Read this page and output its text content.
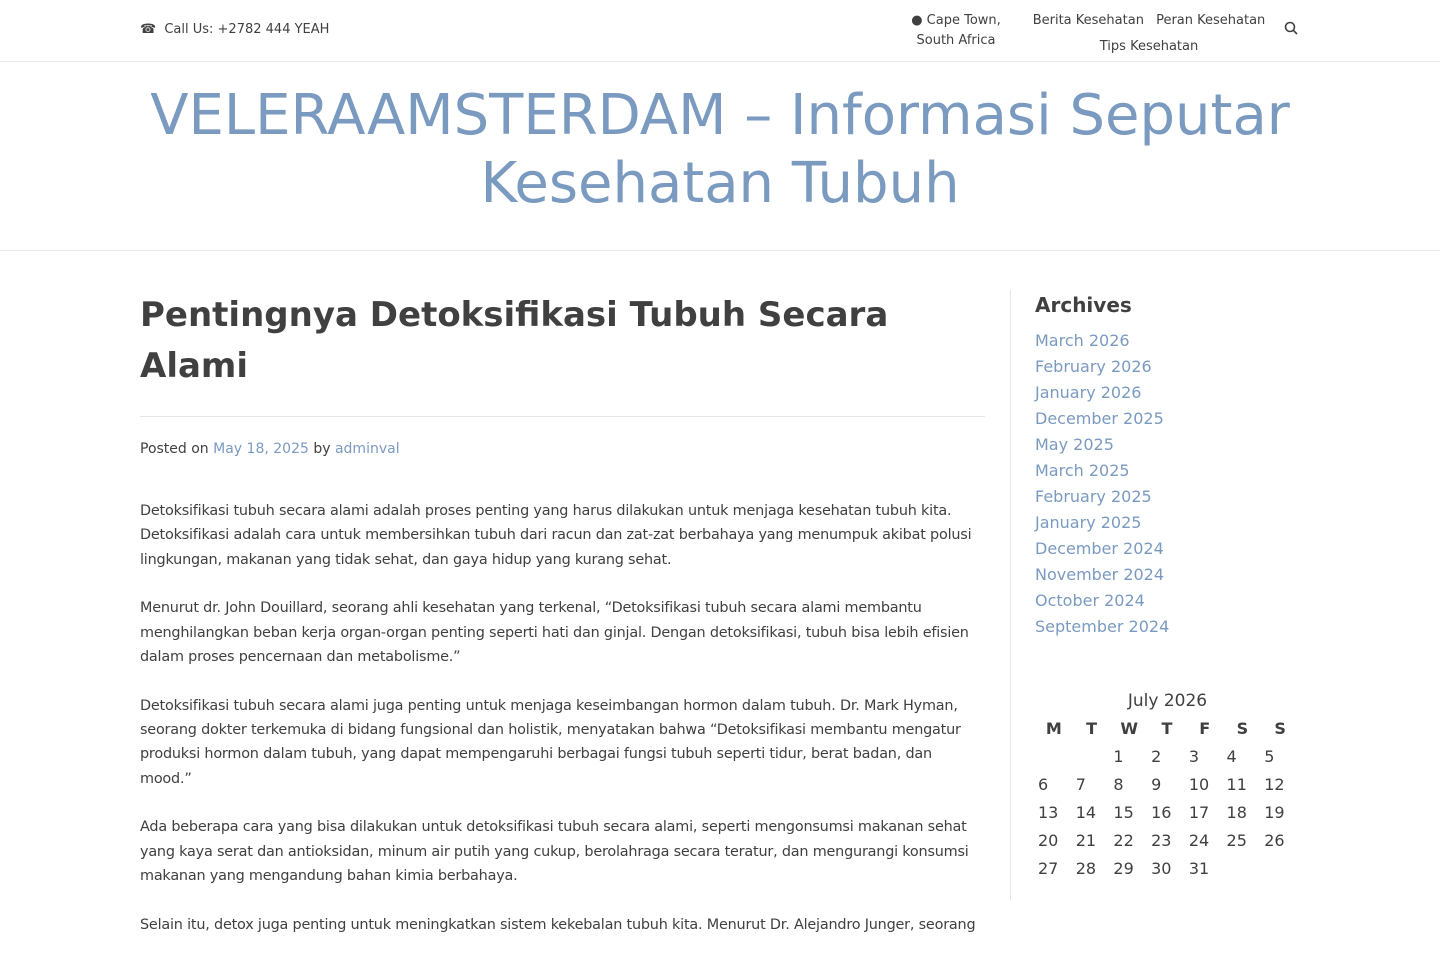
☎ Call Us: +2782 444 YEAH
● Cape Town,
South Africa
Berita Kesehatan Peran Kesehatan
Tips Kesehatan
VELERAAMSTERDAM – Informasi Seputar Kesehatan Tubuh
Pentingnya Detoksifikasi Tubuh Secara Alami
Posted on May 18, 2025 by adminval

Detoksifikasi tubuh secara alami adalah proses penting yang harus dilakukan untuk menjaga kesehatan tubuh kita. Detoksifikasi adalah cara untuk membersihkan tubuh dari racun dan zat-zat berbahaya yang menumpuk akibat polusi lingkungan, makanan yang tidak sehat, dan gaya hidup yang kurang sehat.

Menurut dr. John Douillard, seorang ahli kesehatan yang terkenal, “Detoksifikasi tubuh secara alami membantu menghilangkan beban kerja organ-organ penting seperti hati dan ginjal. Dengan detoksifikasi, tubuh bisa lebih efisien dalam proses pencernaan dan metabolisme.”

Detoksifikasi tubuh secara alami juga penting untuk menjaga keseimbangan hormon dalam tubuh. Dr. Mark Hyman, seorang dokter terkemuka di bidang fungsional dan holistik, menyatakan bahwa “Detoksifikasi membantu mengatur produksi hormon dalam tubuh, yang dapat mempengaruhi berbagai fungsi tubuh seperti tidur, berat badan, dan mood.”

Ada beberapa cara yang bisa dilakukan untuk detoksifikasi tubuh secara alami, seperti mengonsumsi makanan sehat yang kaya serat dan antioksidan, minum air putih yang cukup, berolahraga secara teratur, dan mengurangi konsumsi makanan yang mengandung bahan kimia berbahaya.

Selain itu, detox juga penting untuk meningkatkan sistem kekebalan tubuh kita. Menurut Dr. Alejandro Junger, seorang

Archives
March 2026
February 2026
January 2026
December 2025
May 2025
March 2025
February 2025
January 2025
December 2024
November 2024
October 2024
September 2024
July 2026
M	T	W	T	F	S	S
		1	2	3	4	5
6	7	8	9	10	11	12
13	14	15	16	17	18	19
20	21	22	23	24	25	26
27	28	29	30	31		
